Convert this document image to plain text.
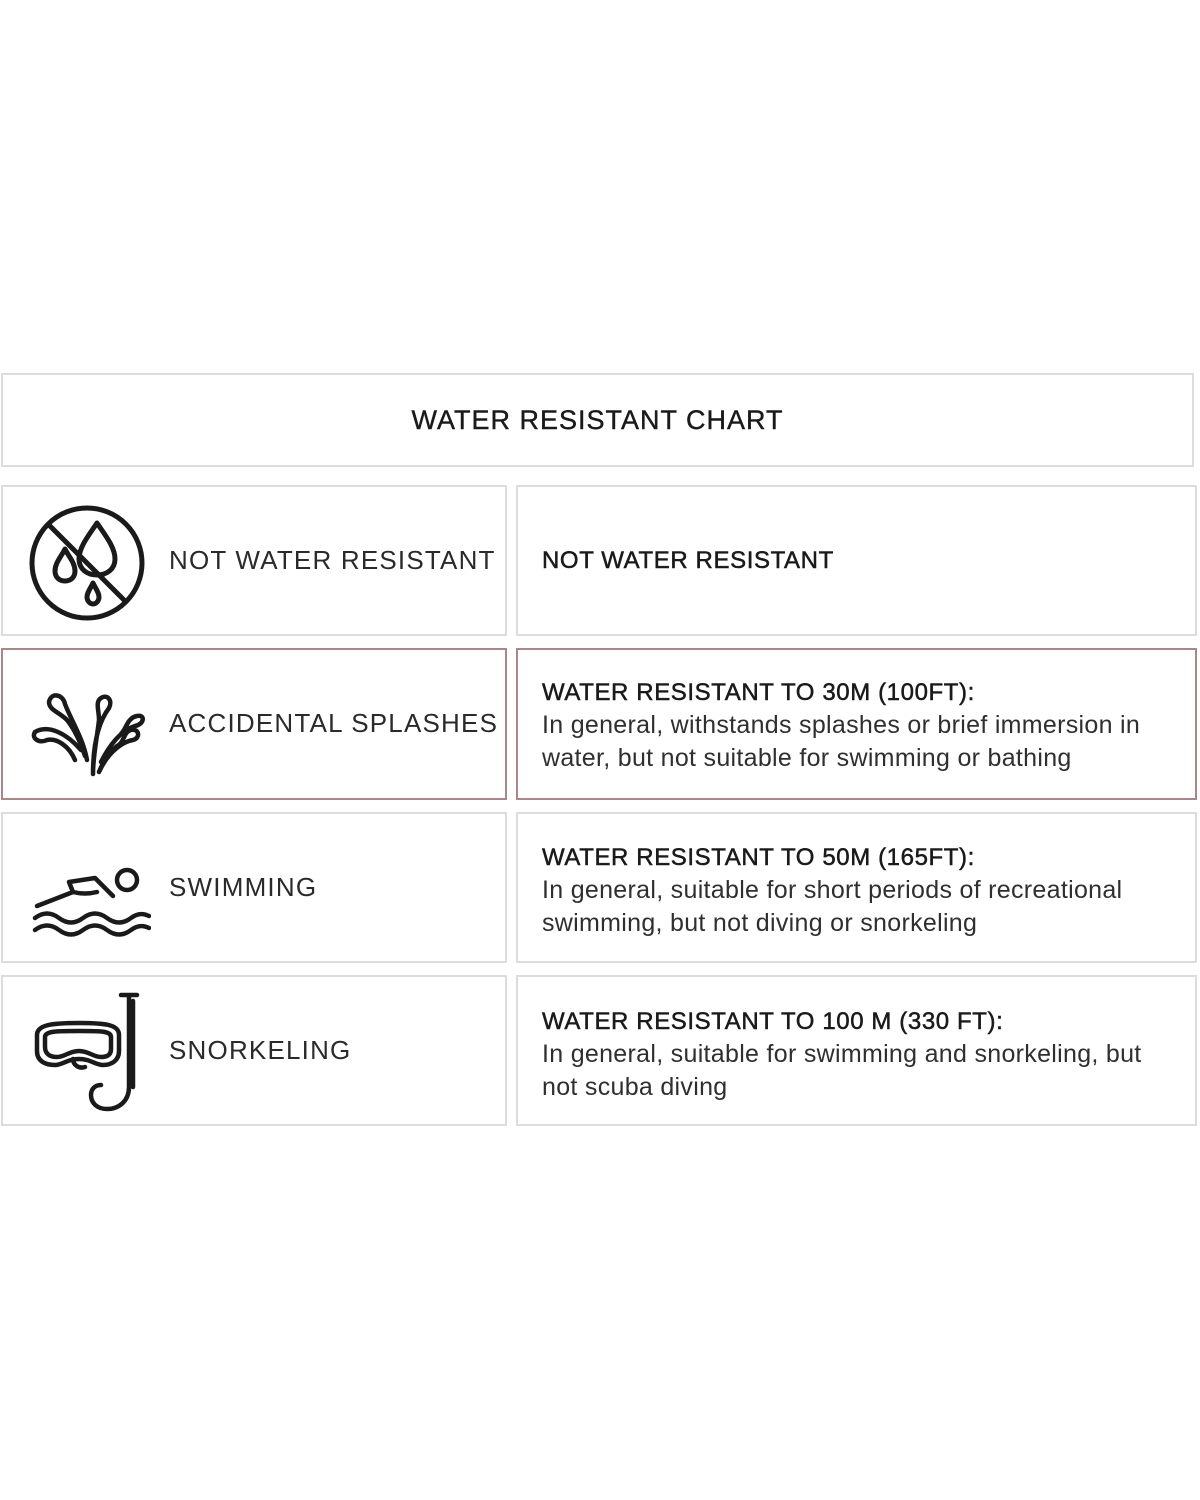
WATER RESISTANT CHART
NOT WATER RESISTANT NOT WATER RESISTANT
ACCIDENTAL SPLASHES
WATER RESISTANT TO 30M (100FT):
In general, withstands splashes or brief immersion in water, but not suitable for swimming or bathing
SWIMMING
WATER RESISTANT TO 50M (165FT):
In general, suitable for short periods of recreational swimming, but not diving or snorkeling
SNORKELING
WATER RESISTANT TO 100 M (330 FT):
In general, suitable for swimming and snorkeling, but not scuba diving
